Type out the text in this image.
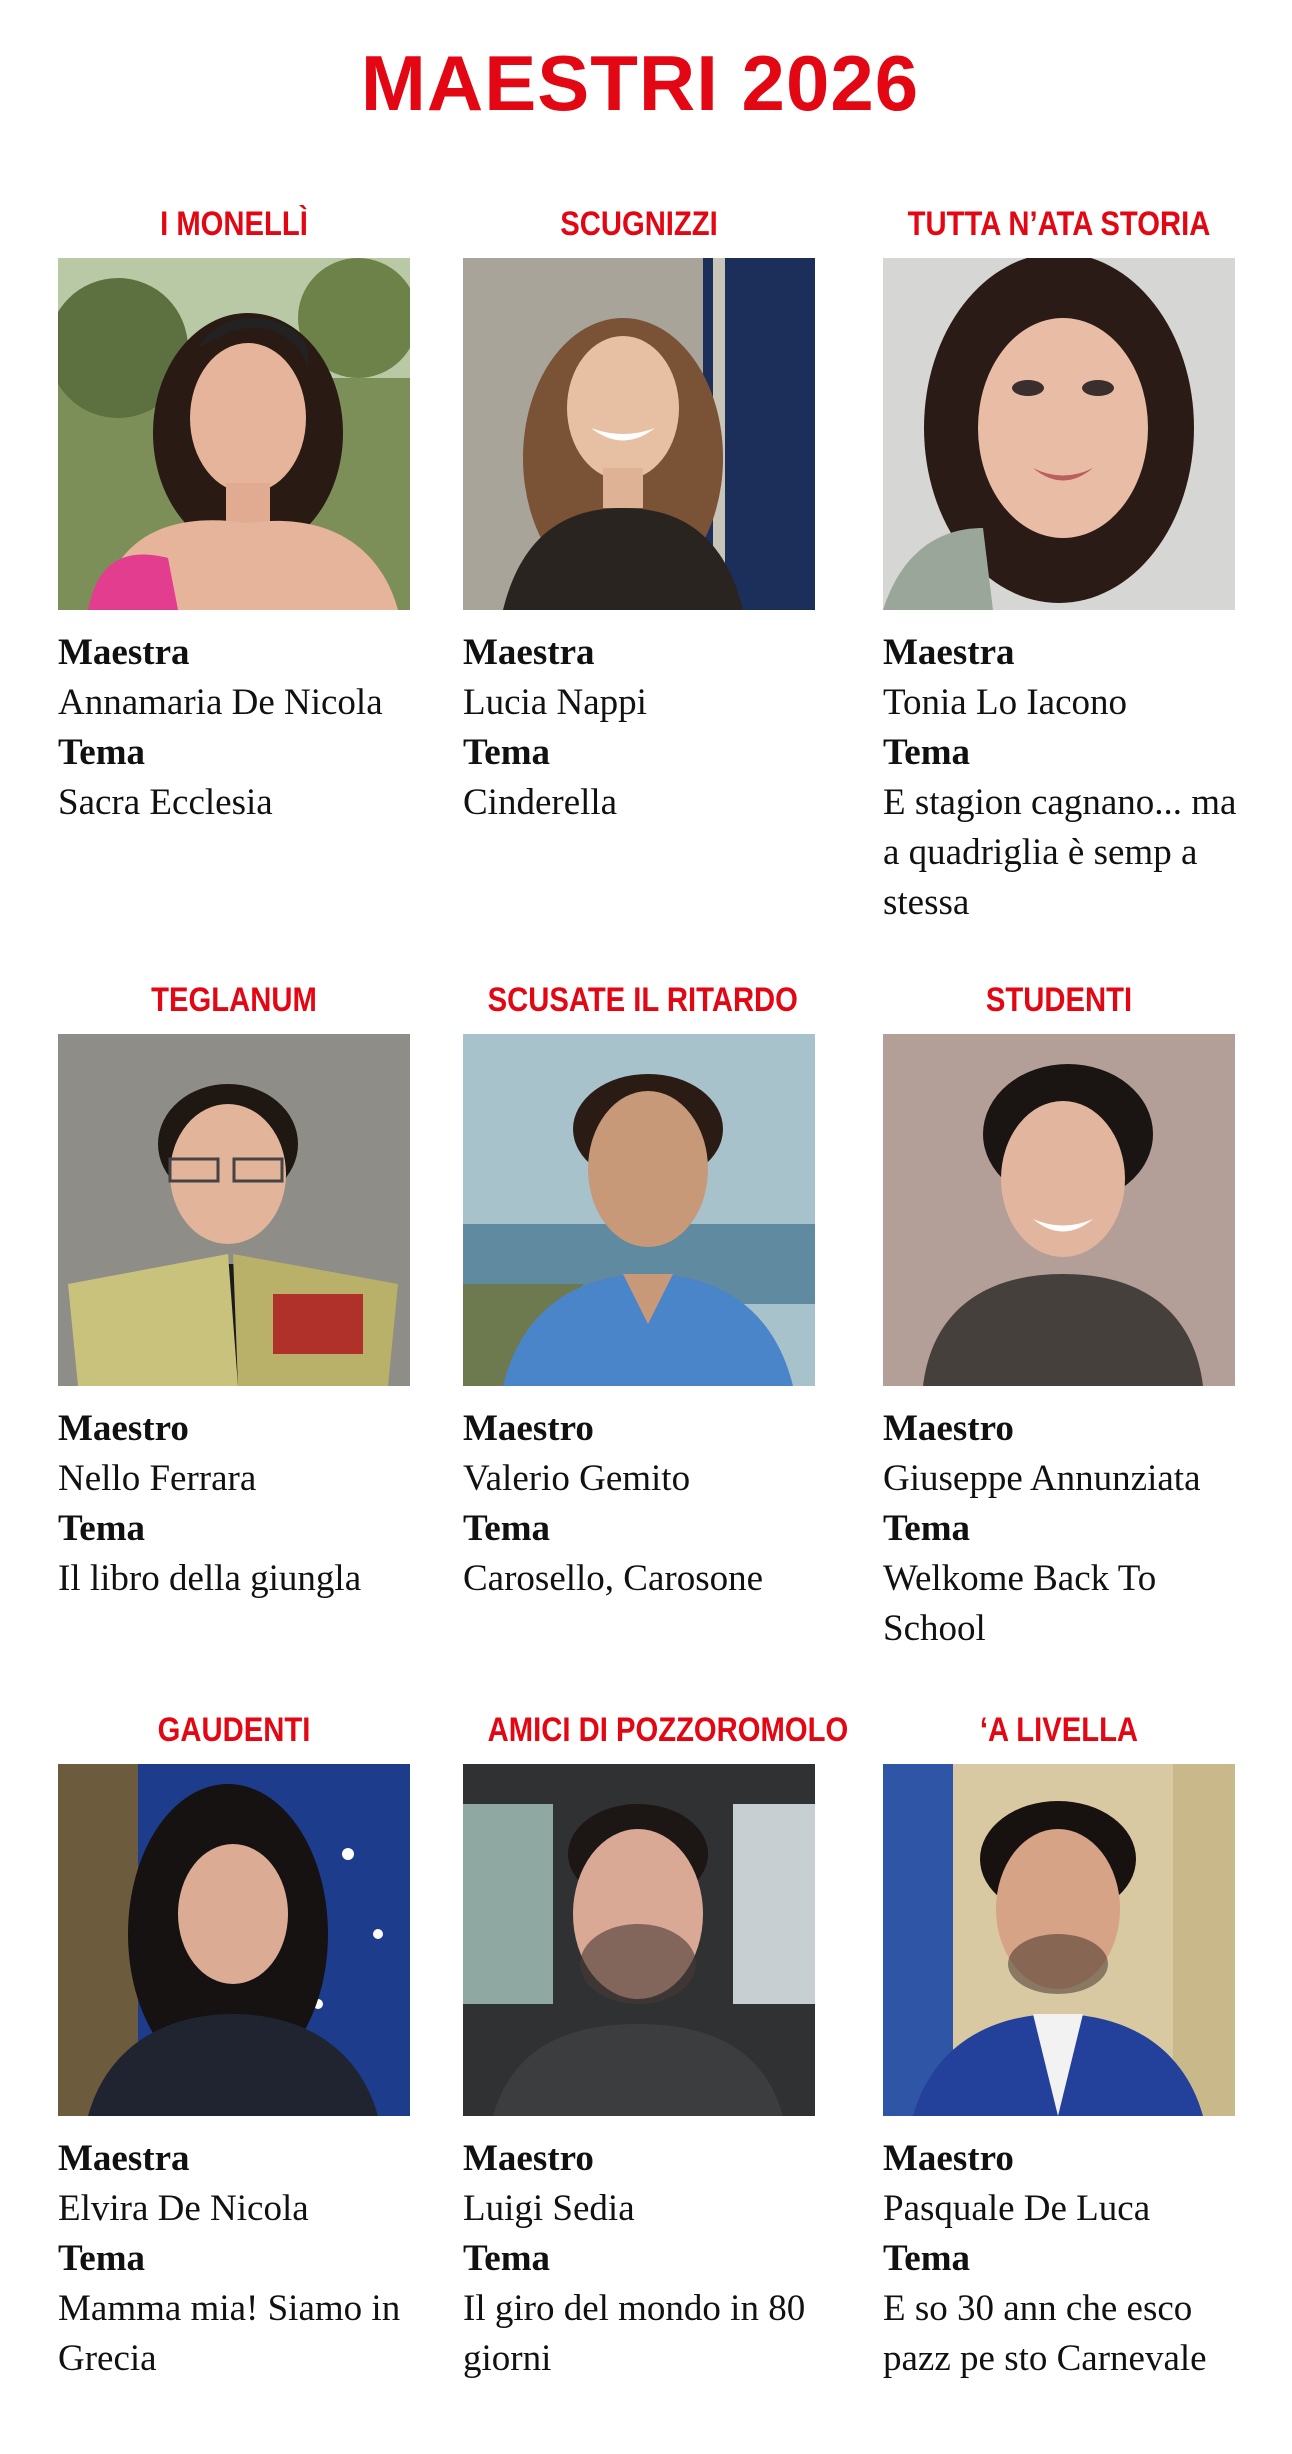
MAESTRI 2026
I MONELLÌ
Maestra
Annamaria De Nicola
Tema
Sacra Ecclesia
SCUGNIZZI
Maestra
Lucia Nappi
Tema
Cinderella
TUTTA N’ATA STORIA
Maestra
Tonia Lo Iacono
Tema
E stagion cagnano... ma a quadriglia è semp a stessa
TEGLANUM
Maestro
Nello Ferrara
Tema
Il libro della giungla
SCUSATE IL RITARDO
Maestro
Valerio Gemito
Tema
Carosello, Carosone
STUDENTI
Maestro
Giuseppe Annunziata
Tema
Welkome Back To School
GAUDENTI
Maestra
Elvira De Nicola
Tema
Mamma mia! Siamo in Grecia
AMICI DI POZZOROMOLO
Maestro
Luigi Sedia
Tema
Il giro del mondo in 80 giorni
‘A LIVELLA
Maestro
Pasquale De Luca
Tema
E so 30 ann che esco pazz pe sto Carnevale
